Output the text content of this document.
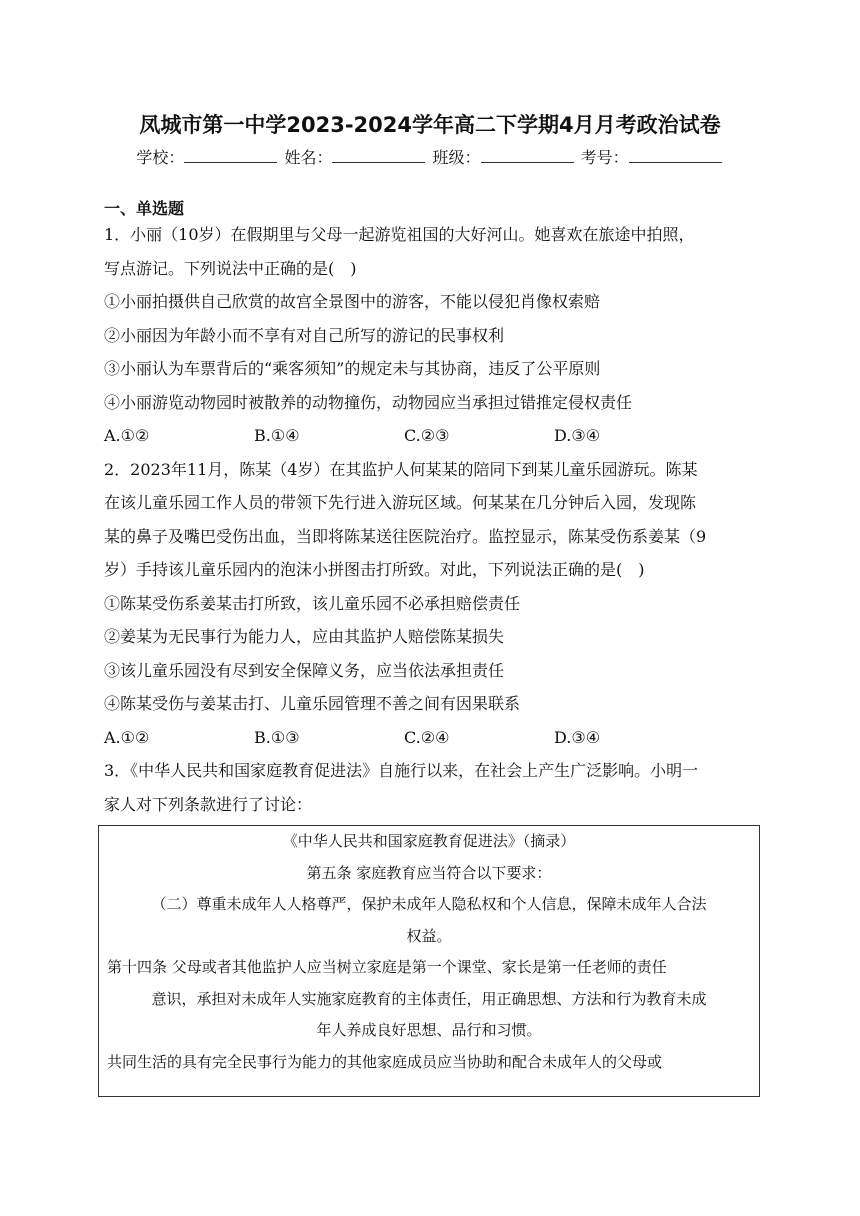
凤城市第一中学2023-2024学年高二下学期4月月考政治试卷
学校：	姓名：	班级：	考号：
一、单选题
1．小丽（10岁）在假期里与父母一起游览祖国的大好河山。她喜欢在旅途中拍照，
写点游记。下列说法中正确的是(　)
①小丽拍摄供自己欣赏的故宫全景图中的游客，不能以侵犯肖像权索赔
②小丽因为年龄小而不享有对自己所写的游记的民事权利
③小丽认为车票背后的“乘客须知”的规定未与其协商，违反了公平原则
④小丽游览动物园时被散养的动物撞伤，动物园应当承担过错推定侵权责任
A.①②	B.①④	C.②③	D.③④
2．2023年11月，陈某（4岁）在其监护人何某某的陪同下到某儿童乐园游玩。陈某
在该儿童乐园工作人员的带领下先行进入游玩区域。何某某在几分钟后入园，发现陈
某的鼻子及嘴巴受伤出血，当即将陈某送往医院治疗。监控显示，陈某受伤系姜某（9
岁）手持该儿童乐园内的泡沫小拼图击打所致。对此，下列说法正确的是(　)
①陈某受伤系姜某击打所致，该儿童乐园不必承担赔偿责任
②姜某为无民事行为能力人，应由其监护人赔偿陈某损失
③该儿童乐园没有尽到安全保障义务，应当依法承担责任
④陈某受伤与姜某击打、儿童乐园管理不善之间有因果联系
A.①②	B.①③	C.②④	D.③④
3．《中华人民共和国家庭教育促进法》自施行以来，在社会上产生广泛影响。小明一
家人对下列条款进行了讨论：
《中华人民共和国家庭教育促进法》（摘录）
第五条 家庭教育应当符合以下要求：
（二）尊重未成年人人格尊严，保护未成年人隐私权和个人信息，保障未成年人合法
权益。
第十四条 父母或者其他监护人应当树立家庭是第一个课堂、家长是第一任老师的责任
意识，承担对未成年人实施家庭教育的主体责任，用正确思想、方法和行为教育未成
年人养成良好思想、品行和习惯。
共同生活的具有完全民事行为能力的其他家庭成员应当协助和配合未成年人的父母或
